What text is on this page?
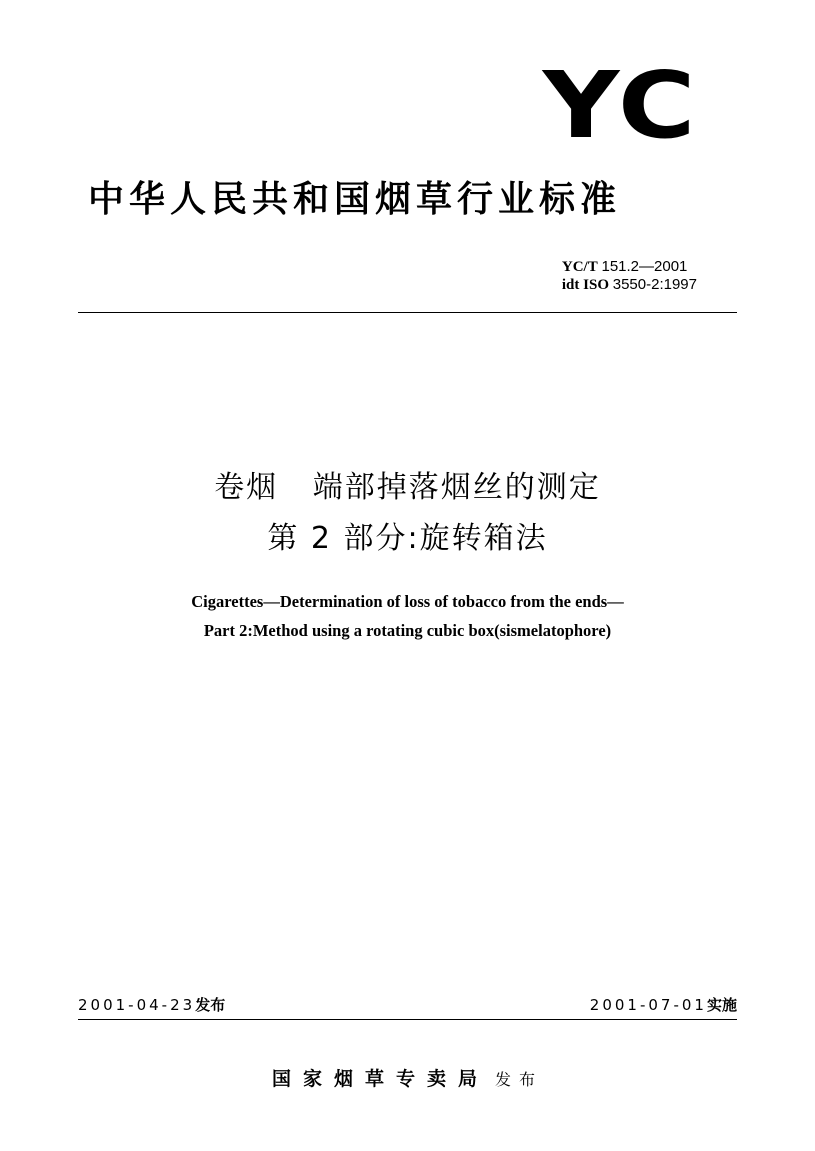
YC
中华人民共和国烟草行业标准
YC/T 151.2—2001
idt ISO 3550-2:1997
卷烟   端部掉落烟丝的测定
第 2 部分:旋转箱法
Cigarettes—Determination of loss of tobacco from the ends—
Part 2:Method using a rotating cubic box(sismelatophore)
2001-04-23发布	2001-07-01实施
国家烟草专卖局 发布
